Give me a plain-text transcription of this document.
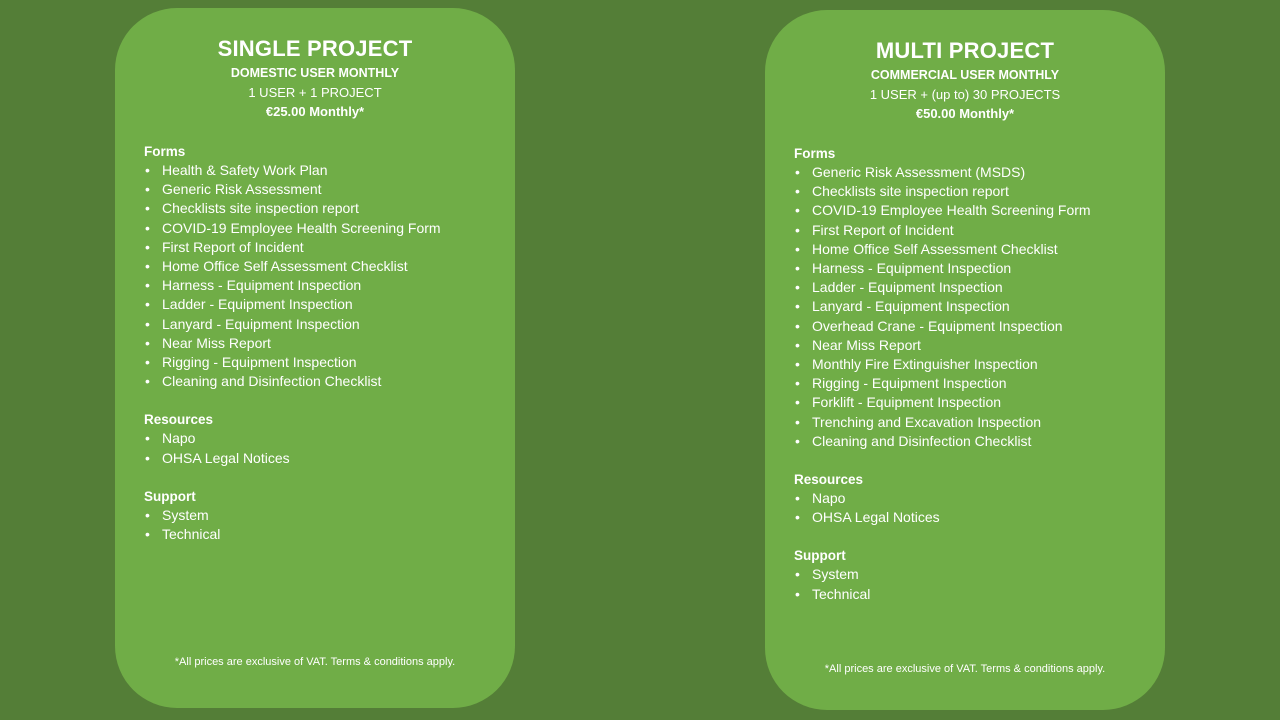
SINGLE PROJECT
DOMESTIC USER MONTHLY
1 USER + 1 PROJECT
€25.00 Monthly*
Forms
• Health & Safety Work Plan
• Generic Risk Assessment
• Checklists site inspection report
• COVID-19 Employee Health Screening Form
• First Report of Incident
• Home Office Self Assessment Checklist
• Harness - Equipment Inspection
• Ladder - Equipment Inspection
• Lanyard - Equipment Inspection
• Near Miss Report
• Rigging - Equipment Inspection
• Cleaning and Disinfection Checklist
Resources
• Napo
• OHSA Legal Notices
Support
• System
• Technical
*All prices are exclusive of VAT. Terms & conditions apply.
MULTI PROJECT
COMMERCIAL USER MONTHLY
1 USER + (up to) 30 PROJECTS
€50.00 Monthly*
Forms
• Generic Risk Assessment (MSDS)
• Checklists site inspection report
• COVID-19 Employee Health Screening Form
• First Report of Incident
• Home Office Self Assessment Checklist
• Harness - Equipment Inspection
• Ladder - Equipment Inspection
• Lanyard - Equipment Inspection
• Overhead Crane - Equipment Inspection
• Near Miss Report
• Monthly Fire Extinguisher Inspection
• Rigging - Equipment Inspection
• Forklift - Equipment Inspection
• Trenching and Excavation Inspection
• Cleaning and Disinfection Checklist
Resources
• Napo
• OHSA Legal Notices
Support
• System
• Technical
*All prices are exclusive of VAT. Terms & conditions apply.
